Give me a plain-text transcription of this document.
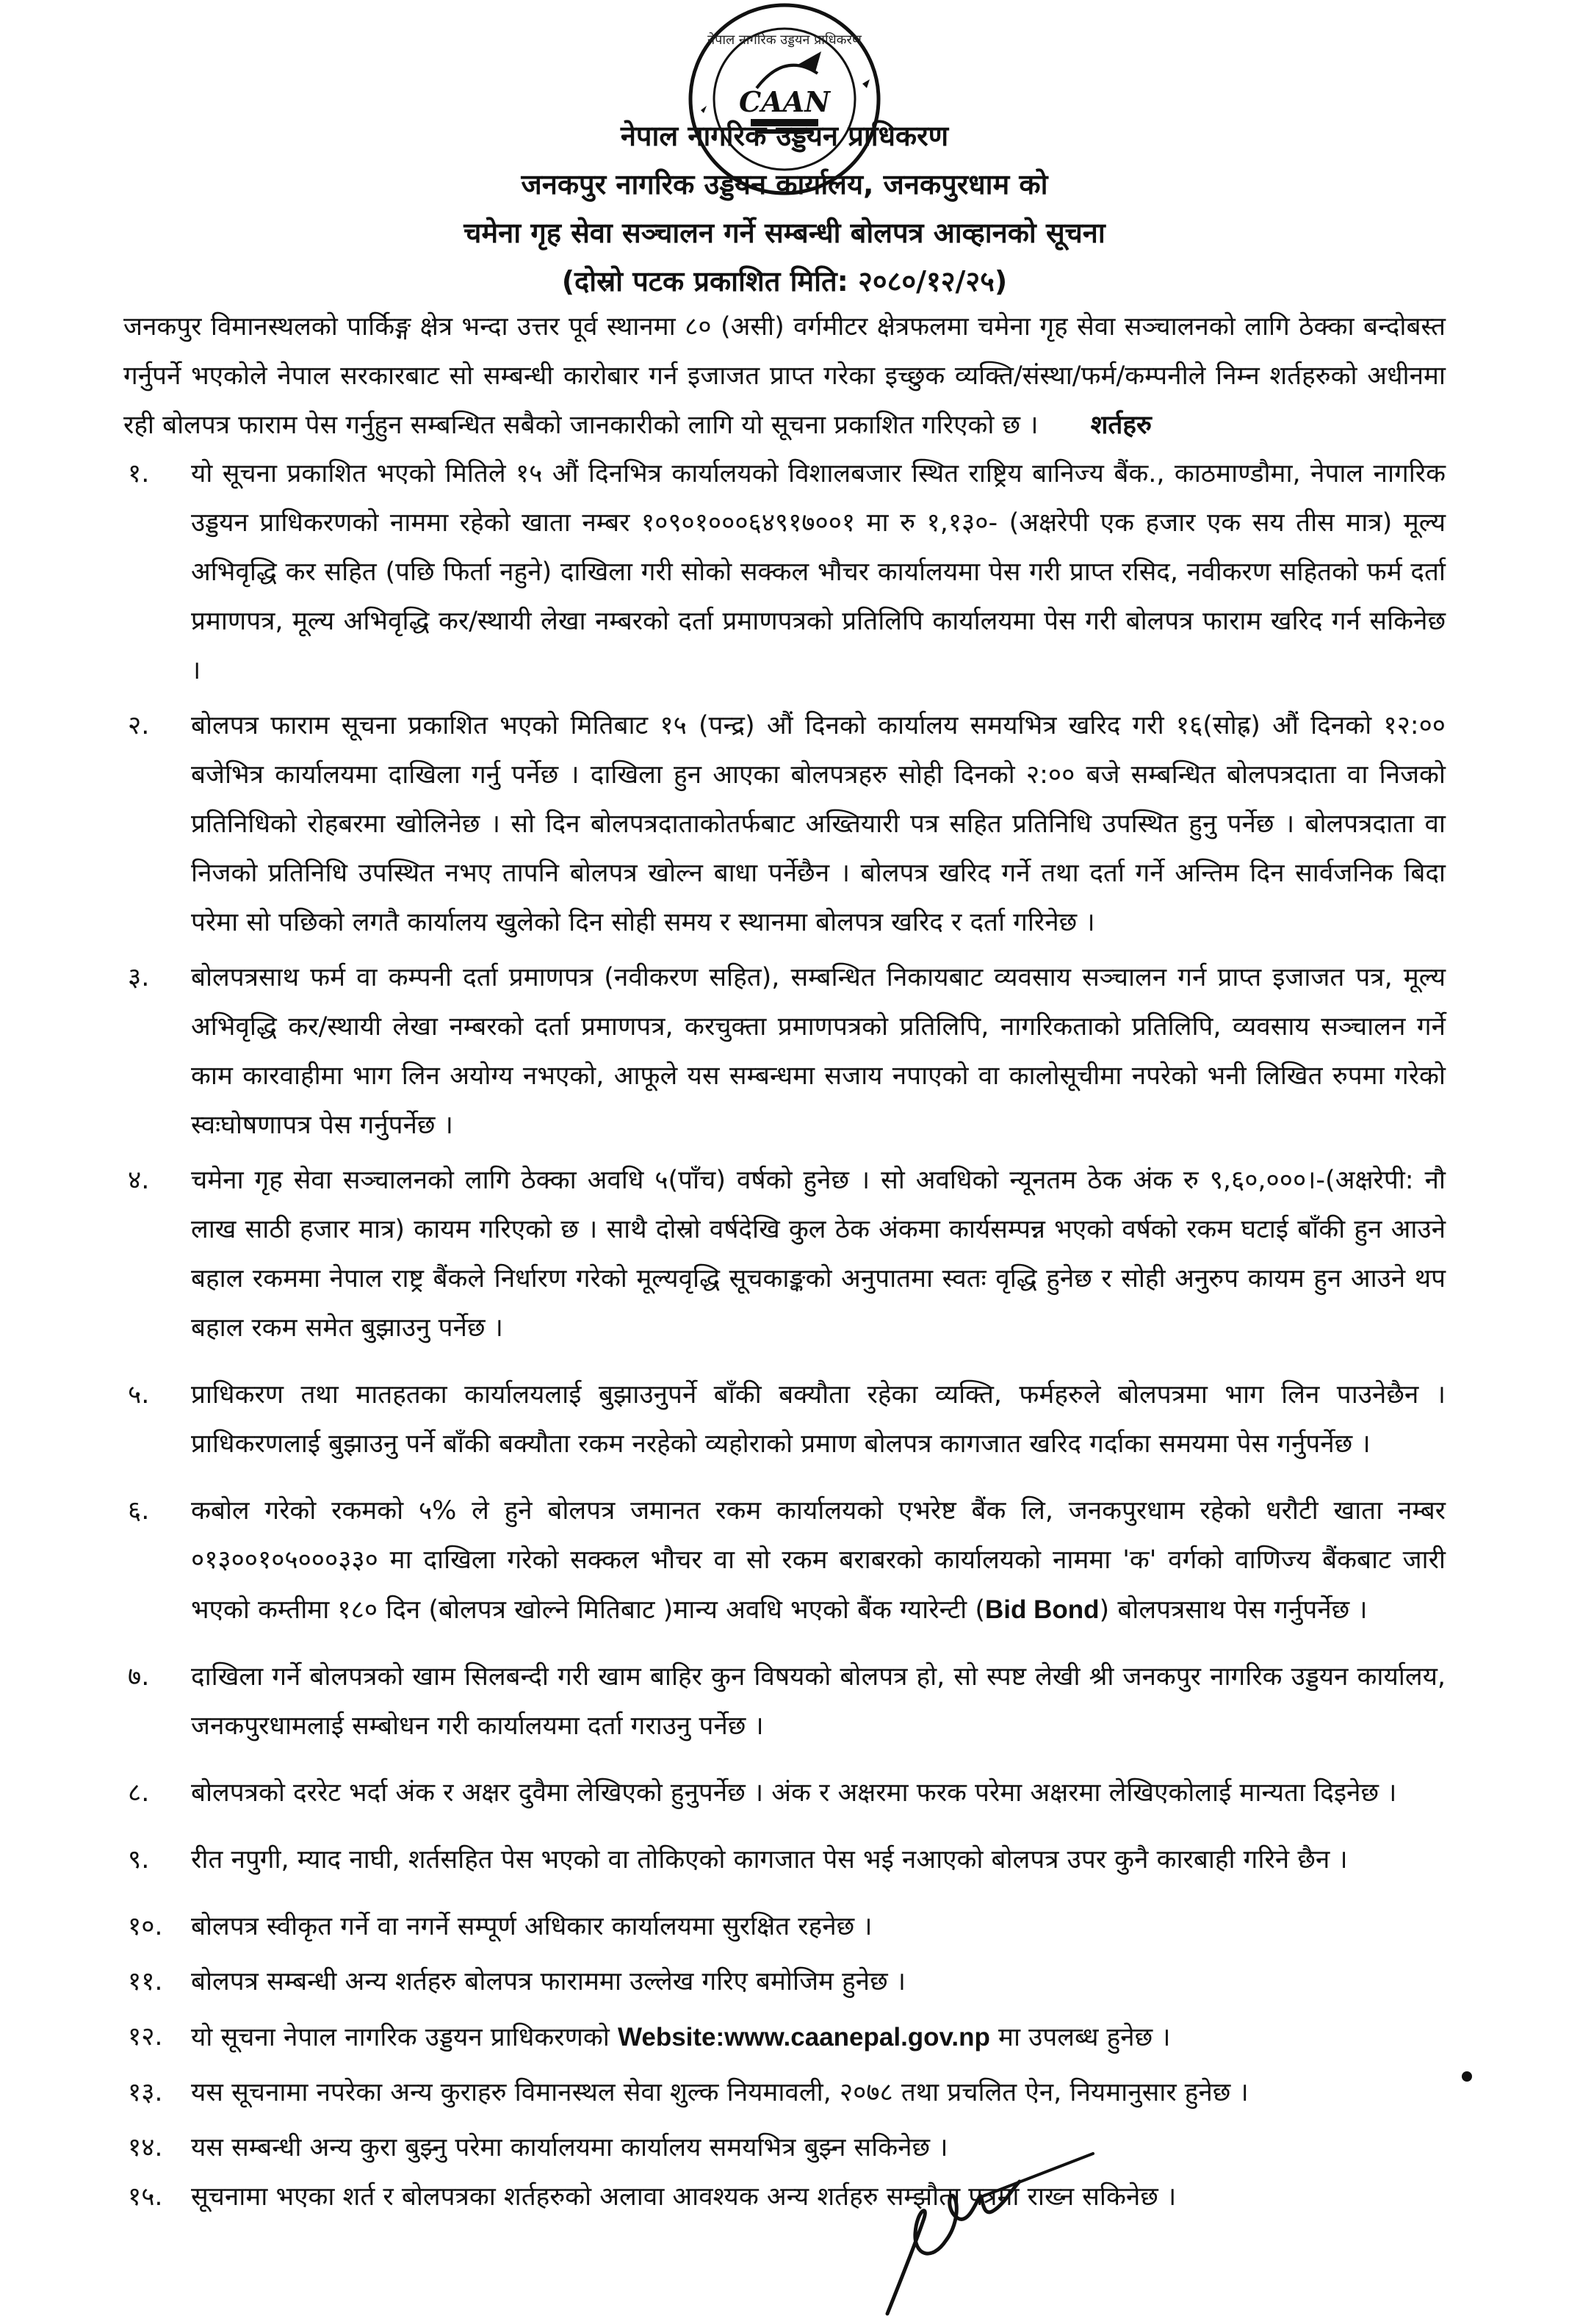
नेपाल नागरिक उड्डयन प्राधिकरण
CAAN
नेपाल नागरिक उड्डयन प्राधिकरण
जनकपुर नागरिक उड्डयन कार्यालय, जनकपुरधाम को
चमेना गृह सेवा सञ्चालन गर्ने सम्बन्धी बोलपत्र आव्हानको सूचना
(दोस्रो पटक प्रकाशित मिति: २०८०/१२/२५)
जनकपुर विमानस्थलको पार्किङ्ग क्षेत्र भन्दा उत्तर पूर्व स्थानमा ८० (असी) वर्गमीटर क्षेत्रफलमा चमेना गृह सेवा सञ्चालनको लागि ठेक्का बन्दोबस्त गर्नुपर्ने भएकोले नेपाल सरकारबाट सो सम्बन्धी कारोबार गर्न इजाजत प्राप्त गरेका इच्छुक व्यक्ति/संस्था/फर्म/कम्पनीले निम्न शर्तहरुको अधीनमा रही बोलपत्र फाराम पेस गर्नुहुन सम्बन्धित सबैको जानकारीको लागि यो सूचना प्रकाशित गरिएको छ । शर्तहरु
१.	यो सूचना प्रकाशित भएको मितिले १५ औं दिनभित्र कार्यालयको विशालबजार स्थित राष्ट्रिय बानिज्य बैंक., काठमाण्डौमा, नेपाल नागरिक उड्डयन प्राधिकरणको नाममा रहेको खाता नम्बर १०९०१०००६४९१७००१ मा रु १,१३०- (अक्षरेपी एक हजार एक सय तीस मात्र) मूल्य अभिवृद्धि कर सहित (पछि फिर्ता नहुने) दाखिला गरी सोको सक्कल भौचर कार्यालयमा पेस गरी प्राप्त रसिद, नवीकरण सहितको फर्म दर्ता प्रमाणपत्र, मूल्य अभिवृद्धि कर/स्थायी लेखा नम्बरको दर्ता प्रमाणपत्रको प्रतिलिपि कार्यालयमा पेस गरी बोलपत्र फाराम खरिद गर्न सकिनेछ ।
२.	बोलपत्र फाराम सूचना प्रकाशित भएको मितिबाट १५ (पन्द्र) औं दिनको कार्यालय समयभित्र खरिद गरी १६(सोह्र) औं दिनको १२:०० बजेभित्र कार्यालयमा दाखिला गर्नु पर्नेछ । दाखिला हुन आएका बोलपत्रहरु सोही दिनको २:०० बजे सम्बन्धित बोलपत्रदाता वा निजको प्रतिनिधिको रोहबरमा खोलिनेछ । सो दिन बोलपत्रदाताकोतर्फबाट अख्तियारी पत्र सहित प्रतिनिधि उपस्थित हुनु पर्नेछ । बोलपत्रदाता वा निजको प्रतिनिधि उपस्थित नभए तापनि बोलपत्र खोल्न बाधा पर्नेछैन । बोलपत्र खरिद गर्ने तथा दर्ता गर्ने अन्तिम दिन सार्वजनिक बिदा परेमा सो पछिको लगतै कार्यालय खुलेको दिन सोही समय र स्थानमा बोलपत्र खरिद र दर्ता गरिनेछ ।
३.	बोलपत्रसाथ फर्म वा कम्पनी दर्ता प्रमाणपत्र (नवीकरण सहित), सम्बन्धित निकायबाट व्यवसाय सञ्चालन गर्न प्राप्त इजाजत पत्र, मूल्य अभिवृद्धि कर/स्थायी लेखा नम्बरको दर्ता प्रमाणपत्र, करचुक्ता प्रमाणपत्रको प्रतिलिपि, नागरिकताको प्रतिलिपि, व्यवसाय सञ्चालन गर्ने काम कारवाहीमा भाग लिन अयोग्य नभएको, आफूले यस सम्बन्धमा सजाय नपाएको वा कालोसूचीमा नपरेको भनी लिखित रुपमा गरेको स्वःघोषणापत्र पेस गर्नुपर्नेछ ।
४.	चमेना गृह सेवा सञ्चालनको लागि ठेक्का अवधि ५(पाँच) वर्षको हुनेछ । सो अवधिको न्यूनतम ठेक अंक रु ९,६०,०००।-(अक्षरेपी: नौ लाख साठी हजार मात्र) कायम गरिएको छ । साथै दोस्रो वर्षदेखि कुल ठेक अंकमा कार्यसम्पन्न भएको वर्षको रकम घटाई बाँकी हुन आउने बहाल रकममा नेपाल राष्ट्र बैंकले निर्धारण गरेको मूल्यवृद्धि सूचकाङ्कको अनुपातमा स्वतः वृद्धि हुनेछ र सोही अनुरुप कायम हुन आउने थप बहाल रकम समेत बुझाउनु पर्नेछ ।
५.	प्राधिकरण तथा मातहतका कार्यालयलाई बुझाउनुपर्ने बाँकी बक्यौता रहेका व्यक्ति, फर्महरुले बोलपत्रमा भाग लिन पाउनेछैन । प्राधिकरणलाई बुझाउनु पर्ने बाँकी बक्यौता रकम नरहेको व्यहोराको प्रमाण बोलपत्र कागजात खरिद गर्दाका समयमा पेस गर्नुपर्नेछ ।
६.	कबोल गरेको रकमको ५% ले हुने बोलपत्र जमानत रकम कार्यालयको एभरेष्ट बैंक लि, जनकपुरधाम रहेको धरौटी खाता नम्बर ०१३००१०५०००३३० मा दाखिला गरेको सक्कल भौचर वा सो रकम बराबरको कार्यालयको नाममा 'क' वर्गको वाणिज्य बैंकबाट जारी भएको कम्तीमा १८० दिन (बोलपत्र खोल्ने मितिबाट )मान्य अवधि भएको बैंक ग्यारेन्टी (Bid Bond) बोलपत्रसाथ पेस गर्नुपर्नेछ ।
७.	दाखिला गर्ने बोलपत्रको खाम सिलबन्दी गरी खाम बाहिर कुन विषयको बोलपत्र हो, सो स्पष्ट लेखी श्री जनकपुर नागरिक उड्डयन कार्यालय, जनकपुरधामलाई सम्बोधन गरी कार्यालयमा दर्ता गराउनु पर्नेछ ।
८.	बोलपत्रको दररेट भर्दा अंक र अक्षर दुवैमा लेखिएको हुनुपर्नेछ । अंक र अक्षरमा फरक परेमा अक्षरमा लेखिएकोलाई मान्यता दिइनेछ ।
९.	रीत नपुगी, म्याद नाघी, शर्तसहित पेस भएको वा तोकिएको कागजात पेस भई नआएको बोलपत्र उपर कुनै कारबाही गरिने छैन ।
१०.	बोलपत्र स्वीकृत गर्ने वा नगर्ने सम्पूर्ण अधिकार कार्यालयमा सुरक्षित रहनेछ ।
११.	बोलपत्र सम्बन्धी अन्य शर्तहरु बोलपत्र फाराममा उल्लेख गरिए बमोजिम हुनेछ ।
१२.	यो सूचना नेपाल नागरिक उड्डयन प्राधिकरणको Website:www.caanepal.gov.np मा उपलब्ध हुनेछ ।
१३.	यस सूचनामा नपरेका अन्य कुराहरु विमानस्थल सेवा शुल्क नियमावली, २०७८ तथा प्रचलित ऐन, नियमानुसार हुनेछ ।
१४.	यस सम्बन्धी अन्य कुरा बुझ्नु परेमा कार्यालयमा कार्यालय समयभित्र बुझ्न सकिनेछ ।
१५.	सूचनामा भएका शर्त र बोलपत्रका शर्तहरुको अलावा आवश्यक अन्य शर्तहरु सम्झौता पत्रमा राख्न सकिनेछ ।
